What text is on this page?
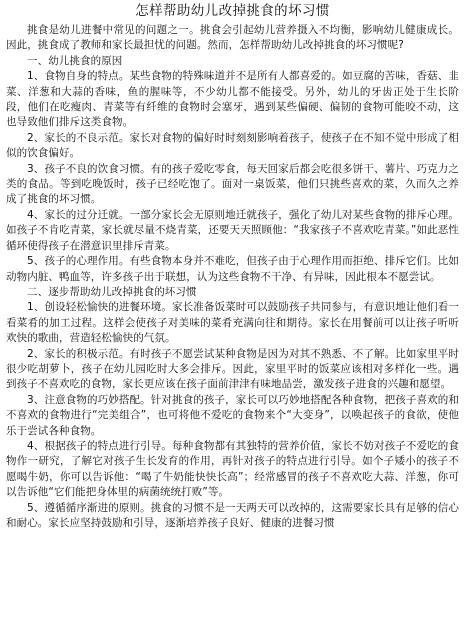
怎样帮助幼儿改掉挑食的坏习惯

挑食是幼儿进餐中常见的问题之一。挑食会引起幼儿营养摄入不均衡，影响幼儿健康成长。因此，挑食成了教师和家长最担忧的问题。然而，怎样帮助幼儿改掉挑食的坏习惯呢?

一、幼儿挑食的原因

1、食物自身的特点。某些食物的特殊味道并不是所有人都喜爱的。如豆腐的苦味，香菇、韭菜、洋葱和大蒜的香味，鱼的腥味等，不少幼儿都不能接受。另外，幼儿的牙齿正处于生长阶段，他们在吃瘦肉、青菜等有纤维的食物时会塞牙，遇到某些偏硬、偏韧的食物可能咬不动，这也导致他们排斥这类食物。

2、家长的不良示范。家长对食物的偏好时时刻刻影响着孩子，使孩子在不知不觉中形成了相似的饮食偏好。

3、孩子不良的饮食习惯。有的孩子爱吃零食，每天回家后都会吃很多饼干、薯片、巧克力之类的食品。等到吃晚饭时，孩子已经吃饱了。面对一桌饭菜，他们只挑些喜欢的菜，久而久之养成了挑食的坏习惯。

4、家长的过分迁就。一部分家长会无原则地迁就孩子，强化了幼儿对某些食物的排斥心理。如孩子不肯吃青菜，家长就尽量不烧青菜，还要天天照顾他：“我家孩子不喜欢吃青菜。”如此恶性循环使得孩子在潜意识里排斥青菜。

5、孩子的心理作用。有些食物本身并不难吃，但孩子由于心理作用而拒绝、排斥它们。比如动物内脏、鸭血等，许多孩子出于联想，认为这些食物不干净、有异味，因此根本不愿尝试。

二、逐步帮助幼儿改掉挑食的坏习惯

1、创设轻松愉快的进餐环境。家长准备饭菜时可以鼓励孩子共同参与，有意识地让他们看一看菜肴的加工过程。这样会使孩子对美味的菜肴充满向往和期待。家长在用餐前可以让孩子听听欢快的歌曲，营造轻松愉快的气氛。

2、家长的积极示范。有时孩子不愿尝试某种食物是因为对其不熟悉、不了解。比如家里平时很少吃胡萝卜，孩子在幼儿园吃时大多会排斥。因此，家里平时的饭菜应该相对多样化一些。遇到孩子不喜欢吃的食物，家长更应该在孩子面前津津有味地品尝，激发孩子进食的兴趣和愿望。

3、注意食物的巧妙搭配。针对挑食的孩子，家长可以巧妙地搭配各种食物，把孩子喜欢的和不喜欢的食物进行“完美组合”，也可将他不爱吃的食物来个“大变身”，以唤起孩子的食欲，使他乐于尝试各种食物。

4、根据孩子的特点进行引导。每种食物都有其独特的营养价值，家长不妨对孩子不爱吃的食物作一研究，了解它对孩子生长发育的作用，再针对孩子的特点进行引导。如个子矮小的孩子不愿喝牛奶，你可以告诉他：“喝了牛奶能快快长高”；经常感冒的孩子不喜欢吃大蒜、洋葱，你可以告诉他“它们能把身体里的病菌统统打败”等。

5、遵循循序渐进的原则。挑食的习惯不是一天两天可以改掉的，这需要家长具有足够的信心和耐心。家长应坚持鼓励和引导，逐渐培养孩子良好、健康的进餐习惯
